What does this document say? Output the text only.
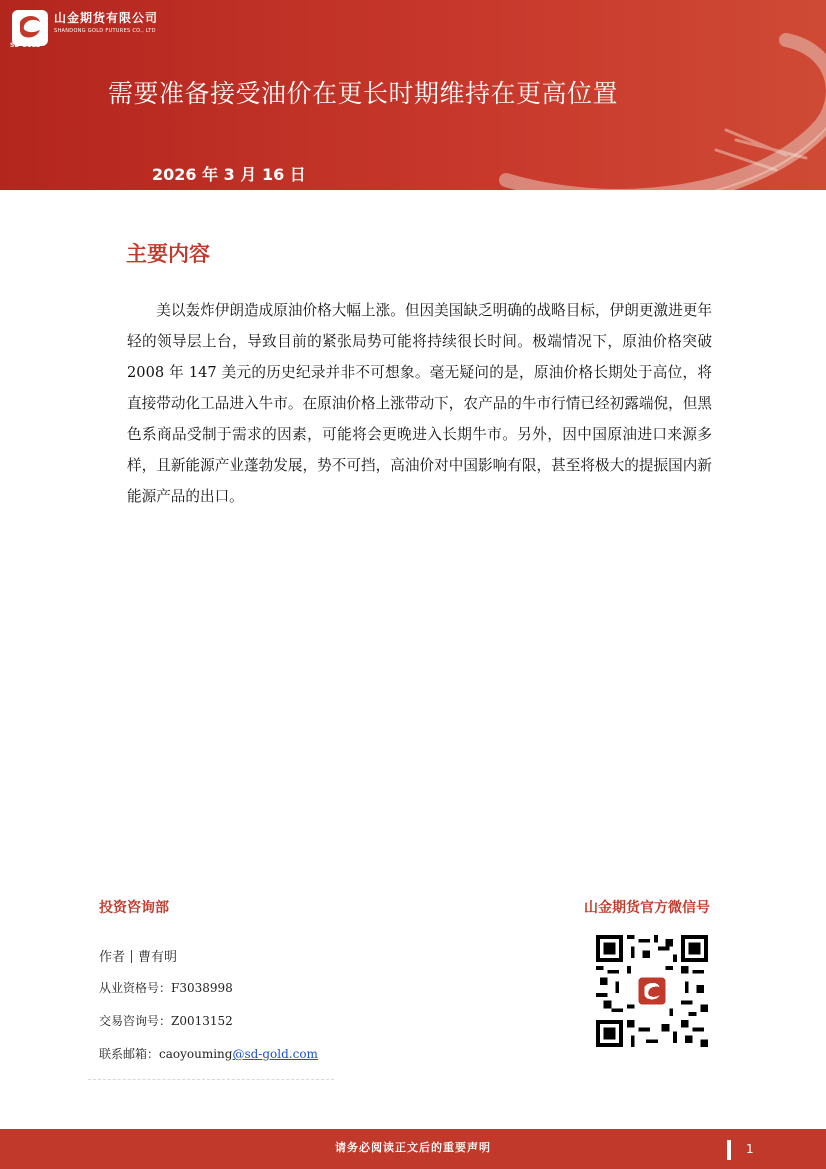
山金期货有限公司
SHANDONG GOLD FUTURES CO., LTD
SD-GOLD
需要准备接受油价在更长时期维持在更高位置
2026 年 3 月 16 日
主要内容

美以轰炸伊朗造成原油价格大幅上涨。但因美国缺乏明确的战略目标，伊朗更激进更年轻的领导层上台，导致目前的紧张局势可能将持续很长时间。极端情况下，原油价格突破 2008 年 147 美元的历史纪录并非不可想象。毫无疑问的是，原油价格长期处于高位，将直接带动化工品进入牛市。在原油价格上涨带动下，农产品的牛市行情已经初露端倪，但黑色系商品受制于需求的因素，可能将会更晚进入长期牛市。另外，因中国原油进口来源多样，且新能源产业蓬勃发展，势不可挡，高油价对中国影响有限，甚至将极大的提振国内新能源产品的出口。

投资咨询部	山金期货官方微信号
作者 曹有明
从业资格号：F3038998
交易咨询号：Z0013152
联系邮箱：caoyouming@sd-gold.com
请务必阅读正文后的重要声明	1
